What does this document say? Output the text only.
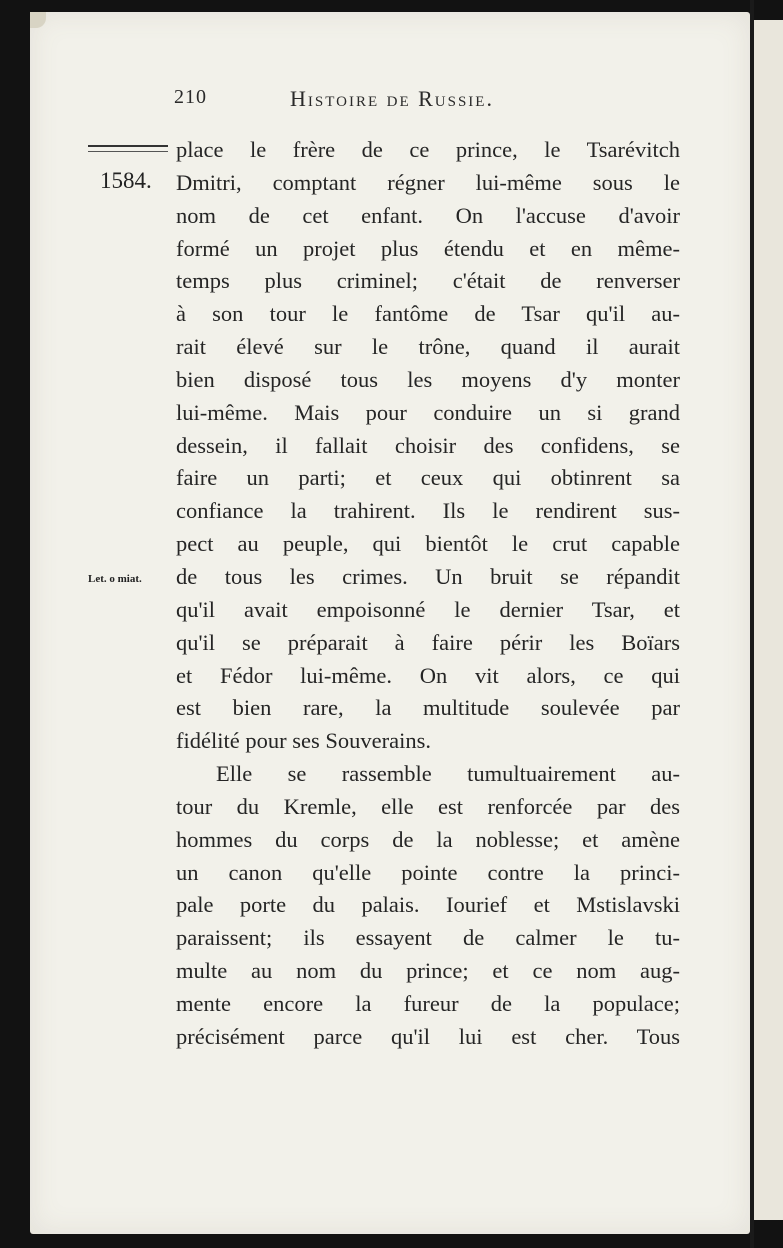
210	Histoire de Russie.
1584.
Let. o miat.
place le frère de ce prince, le Tsarévitch
Dmitri, comptant régner lui-même sous le
nom de cet enfant. On l'accuse d'avoir
formé un projet plus étendu et en même-
temps plus criminel; c'était de renverser
à son tour le fantôme de Tsar qu'il au-
rait élevé sur le trône, quand il aurait
bien disposé tous les moyens d'y monter
lui-même. Mais pour conduire un si grand
dessein, il fallait choisir des confidens, se
faire un parti; et ceux qui obtinrent sa
confiance la trahirent. Ils le rendirent sus-
pect au peuple, qui bientôt le crut capable
de tous les crimes. Un bruit se répandit
qu'il avait empoisonné le dernier Tsar, et
qu'il se préparait à faire périr les Boïars
et Fédor lui-même. On vit alors, ce qui
est bien rare, la multitude soulevée par
fidélité pour ses Souverains.
Elle se rassemble tumultuairement au-
tour du Kremle, elle est renforcée par des
hommes du corps de la noblesse; et amène
un canon qu'elle pointe contre la princi-
pale porte du palais. Iourief et Mstislavski
paraissent; ils essayent de calmer le tu-
multe au nom du prince; et ce nom aug-
mente encore la fureur de la populace;
précisément parce qu'il lui est cher. Tous
